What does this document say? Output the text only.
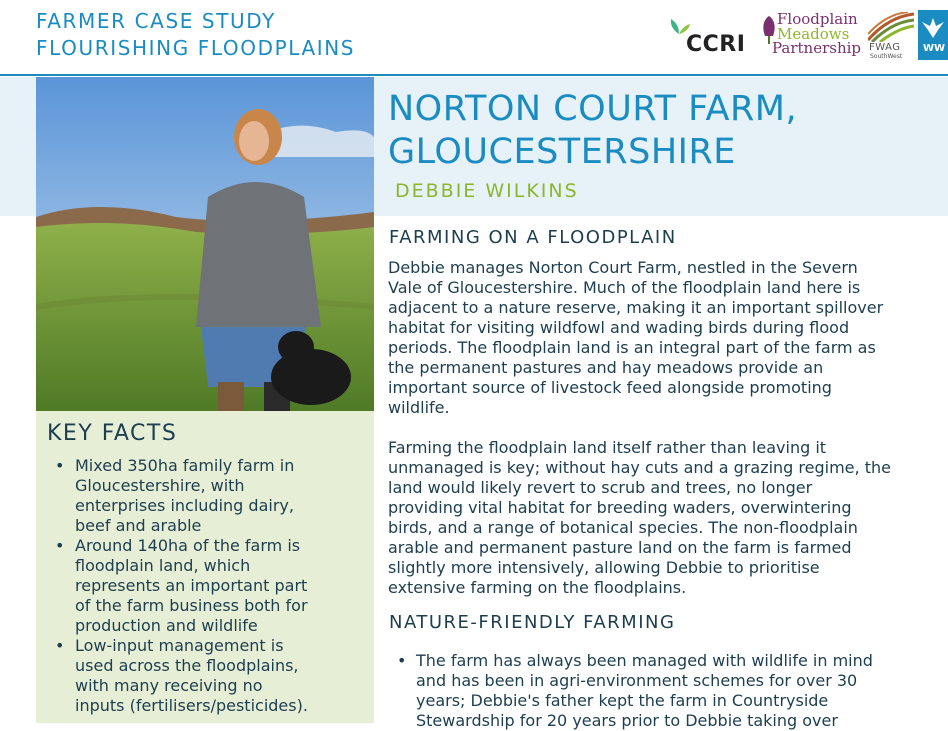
FARMER CASE STUDY
FLOURISHING FLOODPLAINS	CCRI
Floodplain
Meadows
Partnership FWAG
SouthWest
WW
KEY FACTS
• Mixed 350ha family farm in
Gloucestershire, with
enterprises including dairy,
beef and arable
• Around 140ha of the farm is
floodplain land, which
represents an important part
of the farm business both for
production and wildlife
• Low-input management is
used across the floodplains,
with many receiving no
inputs (fertilisers/pesticides).
NORTON COURT FARM,
GLOUCESTERSHIRE
DEBBIE WILKINS
FARMING ON A FLOODPLAIN

Debbie manages Norton Court Farm, nestled in the Severn
Vale of Gloucestershire. Much of the floodplain land here is
adjacent to a nature reserve, making it an important spillover
habitat for visiting wildfowl and wading birds during flood
periods. The floodplain land is an integral part of the farm as
the permanent pastures and hay meadows provide an
important source of livestock feed alongside promoting
wildlife.

Farming the floodplain land itself rather than leaving it
unmanaged is key; without hay cuts and a grazing regime, the
land would likely revert to scrub and trees, no longer
providing vital habitat for breeding waders, overwintering
birds, and a range of botanical species. The non-floodplain
arable and permanent pasture land on the farm is farmed
slightly more intensively, allowing Debbie to prioritise
extensive farming on the floodplains.

NATURE-FRIENDLY FARMING
• The farm has always been managed with wildlife in mind
and has been in agri-environment schemes for over 30
years; Debbie's father kept the farm in Countryside
Stewardship for 20 years prior to Debbie taking over
